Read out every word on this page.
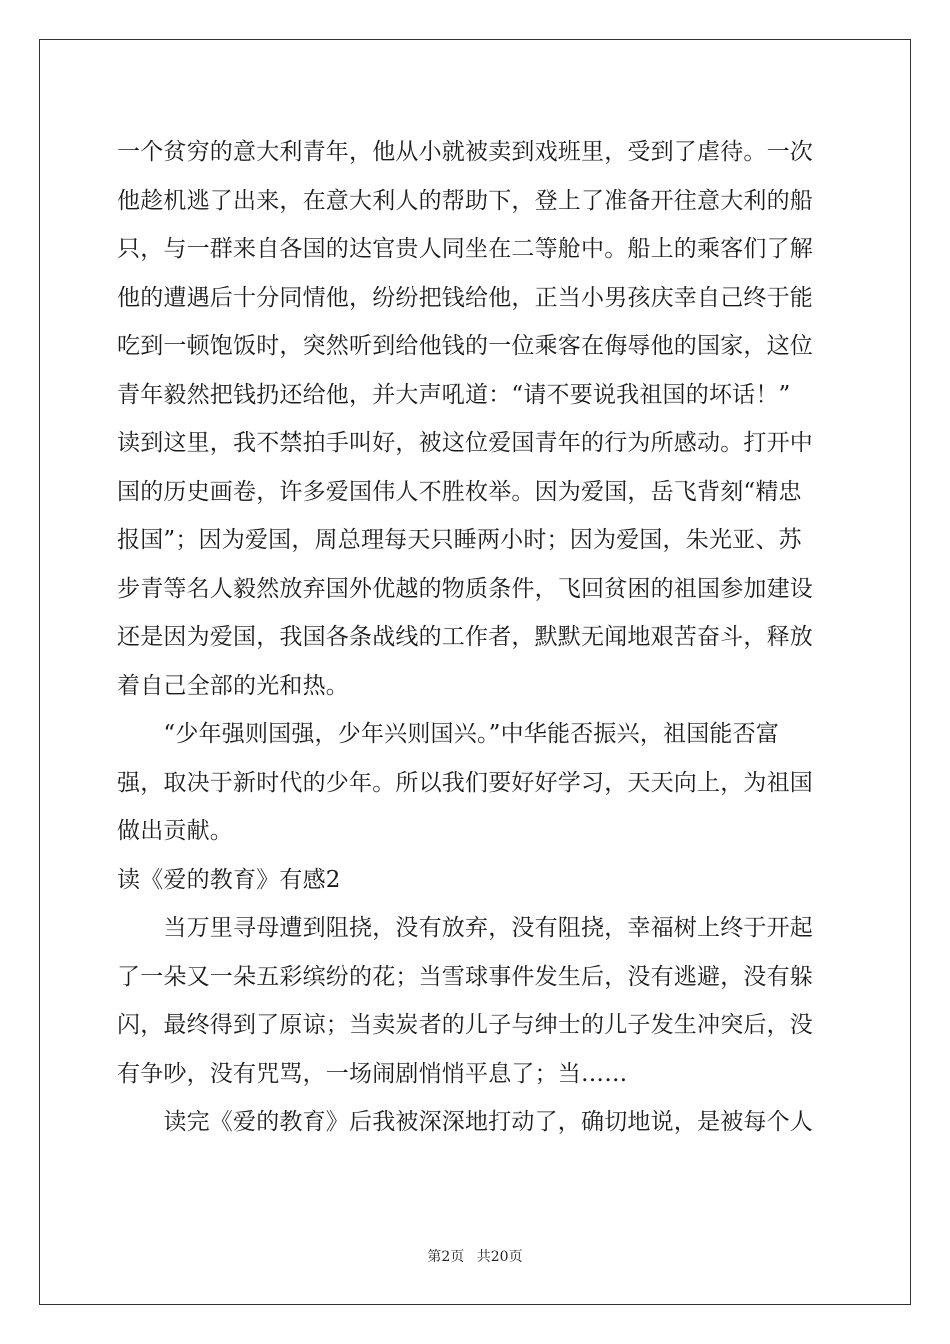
一个贫穷的意大利青年，他从小就被卖到戏班里，受到了虐待。一次
他趁机逃了出来，在意大利人的帮助下，登上了准备开往意大利的船
只，与一群来自各国的达官贵人同坐在二等舱中。船上的乘客们了解
他的遭遇后十分同情他，纷纷把钱给他，正当小男孩庆幸自己终于能
吃到一顿饱饭时，突然听到给他钱的一位乘客在侮辱他的国家，这位
青年毅然把钱扔还给他，并大声吼道：“请不要说我祖国的坏话！”
读到这里，我不禁拍手叫好，被这位爱国青年的行为所感动。打开中
国的历史画卷，许多爱国伟人不胜枚举。因为爱国，岳飞背刻“精忠
报国”；因为爱国，周总理每天只睡两小时；因为爱国，朱光亚、苏
步青等名人毅然放弃国外优越的物质条件，飞回贫困的祖国参加建设
还是因为爱国，我国各条战线的工作者，默默无闻地艰苦奋斗，释放
着自己全部的光和热。
　　“少年强则国强，少年兴则国兴。”中华能否振兴，祖国能否富
强，取决于新时代的少年。所以我们要好好学习，天天向上，为祖国
做出贡献。
读《爱的教育》有感2
　　当万里寻母遭到阻挠，没有放弃，没有阻挠，幸福树上终于开起
了一朵又一朵五彩缤纷的花；当雪球事件发生后，没有逃避，没有躲
闪，最终得到了原谅；当卖炭者的儿子与绅士的儿子发生冲突后，没
有争吵，没有咒骂，一场闹剧悄悄平息了；当……
　　读完《爱的教育》后我被深深地打动了，确切地说，是被每个人
第2页 共20页
